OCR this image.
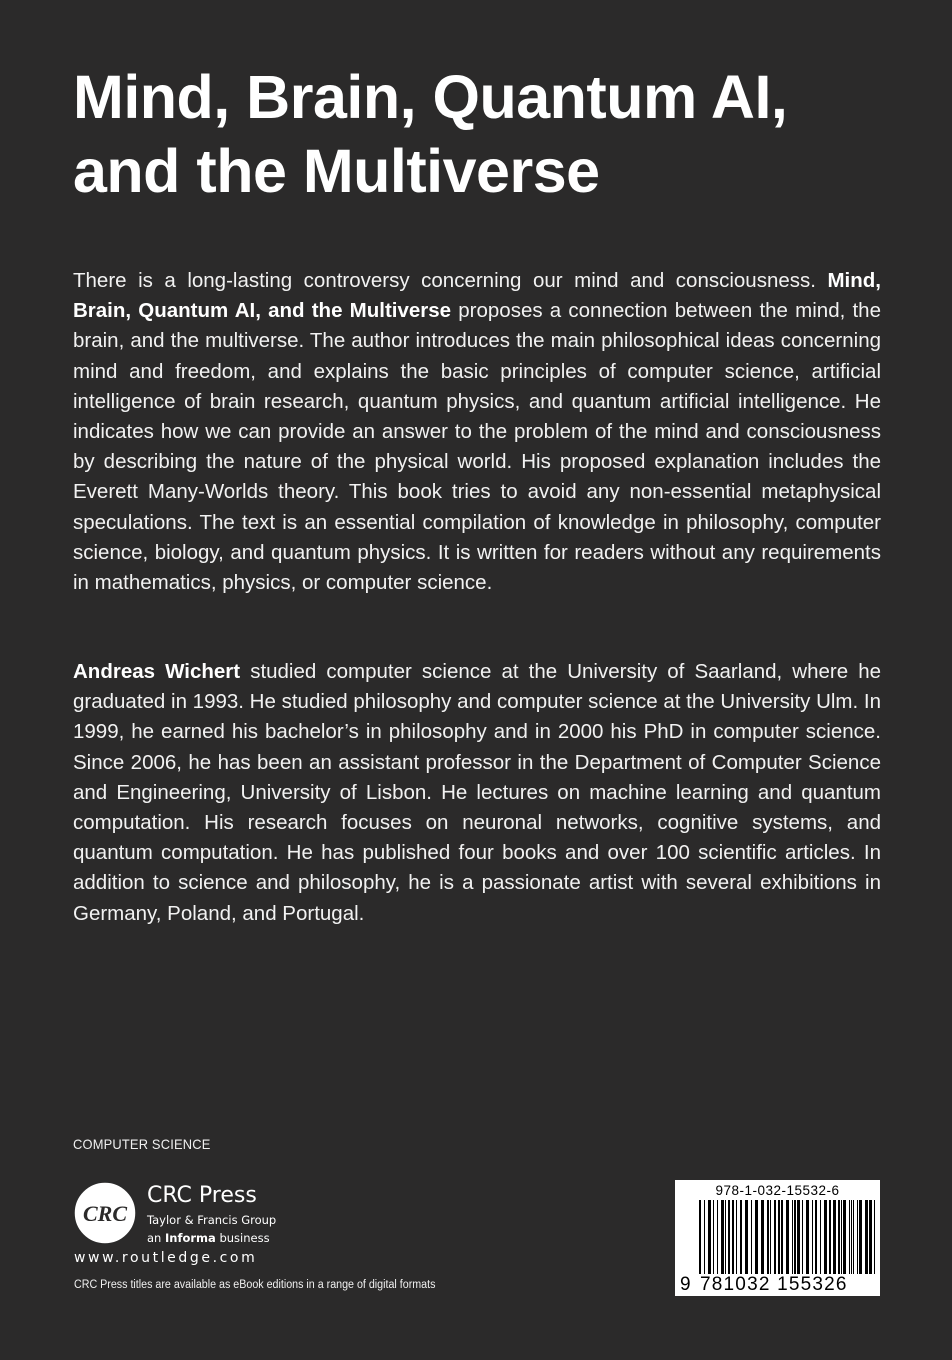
Mind, Brain, Quantum AI,
and the Multiverse

There is a long-lasting controversy concerning our mind and consciousness. Mind, Brain, Quantum AI, and the Multiverse proposes a connection between the mind, the brain, and the multiverse. The author introduces the main philosophical ideas concerning mind and freedom, and explains the basic principles of computer science, artificial intelligence of brain research, quantum physics, and quantum artificial intelligence. He indicates how we can provide an answer to the problem of the mind and consciousness by describing the nature of the physical world. His proposed explanation includes the Everett Many-Worlds theory. This book tries to avoid any non-essential metaphysical speculations. The text is an essential compilation of knowledge in philosophy, computer science, biology, and quantum physics. It is written for readers without any requirements in mathematics, physics, or computer science.

Andreas Wichert studied computer science at the University of Saarland, where he graduated in 1993. He studied philosophy and computer science at the University Ulm. In 1999, he earned his bachelor’s in philosophy and in 2000 his PhD in computer science. Since 2006, he has been an assistant professor in the Department of Computer Science and Engineering, University of Lisbon. He lectures on machine learning and quantum computation. His research focuses on neuronal networks, cognitive systems, and quantum computation. He has published four books and over 100 scientific articles. In addition to science and philosophy, he is a passionate artist with several exhibitions in Germany, Poland, and Portugal.

COMPUTER SCIENCE
CRC
CRC Press
Taylor & Francis Group
an Informa business
www.routledge.com
CRC Press titles are available as eBook editions in a range of digital formats
978-1-032-15532-6
9 781032 155326
